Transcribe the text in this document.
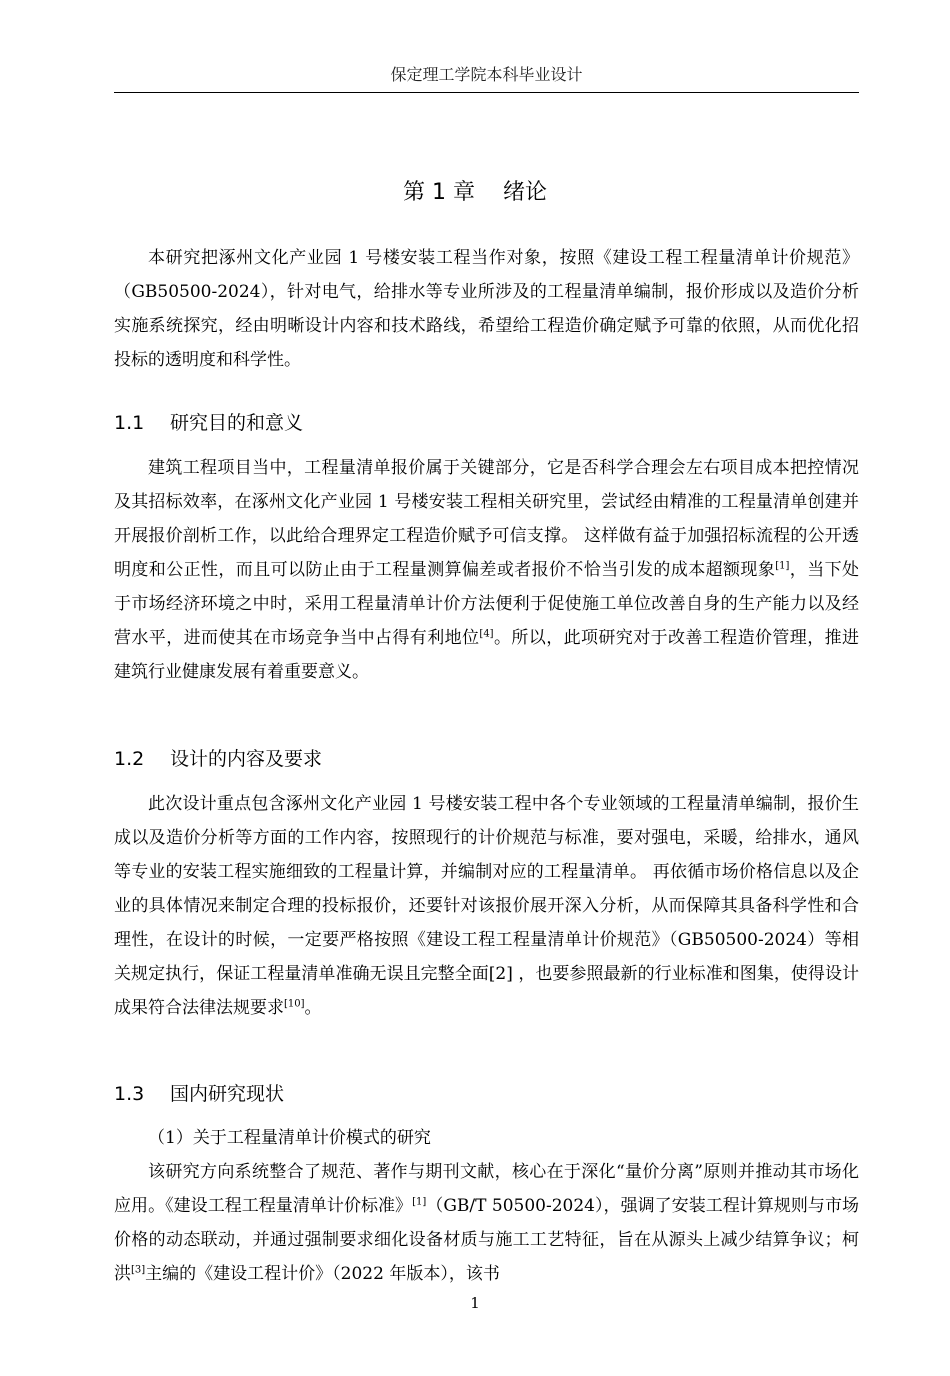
保定理工学院本科毕业设计
第 1 章 绪论

本研究把涿州文化产业园 1 号楼安装工程当作对象，按照《建设工程工程量清单计价规范》（GB50500-2024），针对电气，给排水等专业所涉及的工程量清单编制，报价形成以及造价分析实施系统探究，经由明晰设计内容和技术路线，希望给工程造价确定赋予可靠的依照，从而优化招投标的透明度和科学性。

1.1 研究目的和意义

建筑工程项目当中，工程量清单报价属于关键部分，它是否科学合理会左右项目成本把控情况及其招标效率，在涿州文化产业园 1 号楼安装工程相关研究里，尝试经由精准的工程量清单创建并开展报价剖析工作，以此给合理界定工程造价赋予可信支撑。 这样做有益于加强招标流程的公开透明度和公正性，而且可以防止由于工程量测算偏差或者报价不恰当引发的成本超额现象[1]，当下处于市场经济环境之中时，采用工程量清单计价方法便利于促使施工单位改善自身的生产能力以及经营水平，进而使其在市场竞争当中占得有利地位[4]。所以，此项研究对于改善工程造价管理，推进建筑行业健康发展有着重要意义。

1.2 设计的内容及要求

此次设计重点包含涿州文化产业园 1 号楼安装工程中各个专业领域的工程量清单编制，报价生成以及造价分析等方面的工作内容，按照现行的计价规范与标准，要对强电，采暖，给排水，通风等专业的安装工程实施细致的工程量计算，并编制对应的工程量清单。 再依循市场价格信息以及企业的具体情况来制定合理的投标报价，还要针对该报价展开深入分析，从而保障其具备科学性和合理性，在设计的时候，一定要严格按照《建设工程工程量清单计价规范》（GB50500-2024）等相关规定执行，保证工程量清单准确无误且完整全面[2] ，也要参照最新的行业标准和图集，使得设计成果符合法律法规要求[10]。

1.3 国内研究现状

（1）关于工程量清单计价模式的研究

该研究方向系统整合了规范、著作与期刊文献，核心在于深化“量价分离”原则并推动其市场化应用。《建设工程工程量清单计价标准》[1]（GB/T 50500-2024），强调了安装工程计算规则与市场价格的动态联动，并通过强制要求细化设备材质与施工工艺特征，旨在从源头上减少结算争议；柯洪[3]主编的《建设工程计价》（2022 年版本），该书

1
